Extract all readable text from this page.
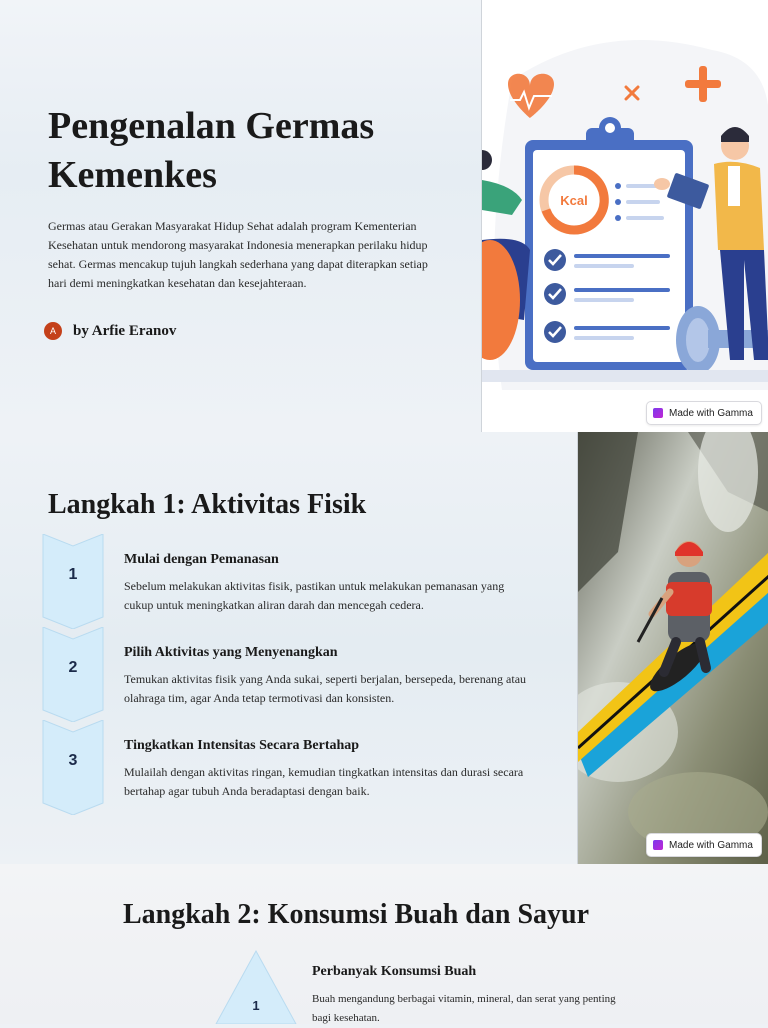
Pengenalan Germas
Kemenkes

Germas atau Gerakan Masyarakat Hidup Sehat adalah program Kementerian Kesehatan untuk mendorong masyarakat Indonesia menerapkan perilaku hidup sehat. Germas mencakup tujuh langkah sederhana yang dapat diterapkan setiap hari demi meningkatkan kesehatan dan kesejahteraan.

A	by Arfie Eranov
Kcal
Made with Gamma
Langkah 1: Aktivitas Fisik
1
Mulai dengan Pemanasan

Sebelum melakukan aktivitas fisik, pastikan untuk melakukan pemanasan yang cukup untuk meningkatkan aliran darah dan mencegah cedera.

2
Pilih Aktivitas yang Menyenangkan

Temukan aktivitas fisik yang Anda sukai, seperti berjalan, bersepeda, berenang atau olahraga tim, agar Anda tetap termotivasi dan konsisten.

3
Tingkatkan Intensitas Secara Bertahap

Mulailah dengan aktivitas ringan, kemudian tingkatkan intensitas dan durasi secara bertahap agar tubuh Anda beradaptasi dengan baik.

Made with Gamma
Langkah 2: Konsumsi Buah dan Sayur
1
Perbanyak Konsumsi Buah

Buah mengandung berbagai vitamin, mineral, dan serat yang penting bagi kesehatan.
